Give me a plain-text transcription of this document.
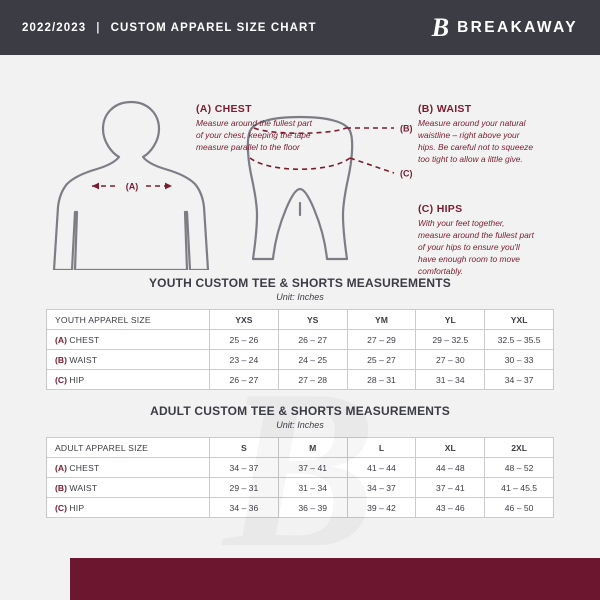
2022/2023 | CUSTOM APPAREL SIZE CHART	B BREAKAWAY
(A)
(B)
(C)
(A) CHEST

Measure around the fullest part of your chest, keeping the tape measure parallel to the floor

(B) WAIST

Measure around your natural waistline – right above your hips. Be careful not to squeeze too tight to allow a little give.

(C) HIPS

With your feet together, measure around the fullest part of your hips to ensure you'll have enough room to move comfortably.

YOUTH CUSTOM TEE & SHORTS MEASUREMENTS

Unit: Inches

YOUTH APPAREL SIZE	YXS	YS	YM	YL	YXL
(A) CHEST	25 – 26	26 – 27	27 – 29	29 – 32.5	32.5 – 35.5
(B) WAIST	23 – 24	24 – 25	25 – 27	27 – 30	30 – 33
(C) HIP	26 – 27	27 – 28	28 – 31	31 – 34	34 – 37

ADULT CUSTOM TEE & SHORTS MEASUREMENTS

Unit: Inches

ADULT APPAREL SIZE	S	M	L	XL	2XL
(A) CHEST	34 – 37	37 – 41	41 – 44	44 – 48	48 – 52
(B) WAIST	29 – 31	31 – 34	34 – 37	37 – 41	41 – 45.5
(C) HIP	34 – 36	36 – 39	39 – 42	43 – 46	46 – 50
